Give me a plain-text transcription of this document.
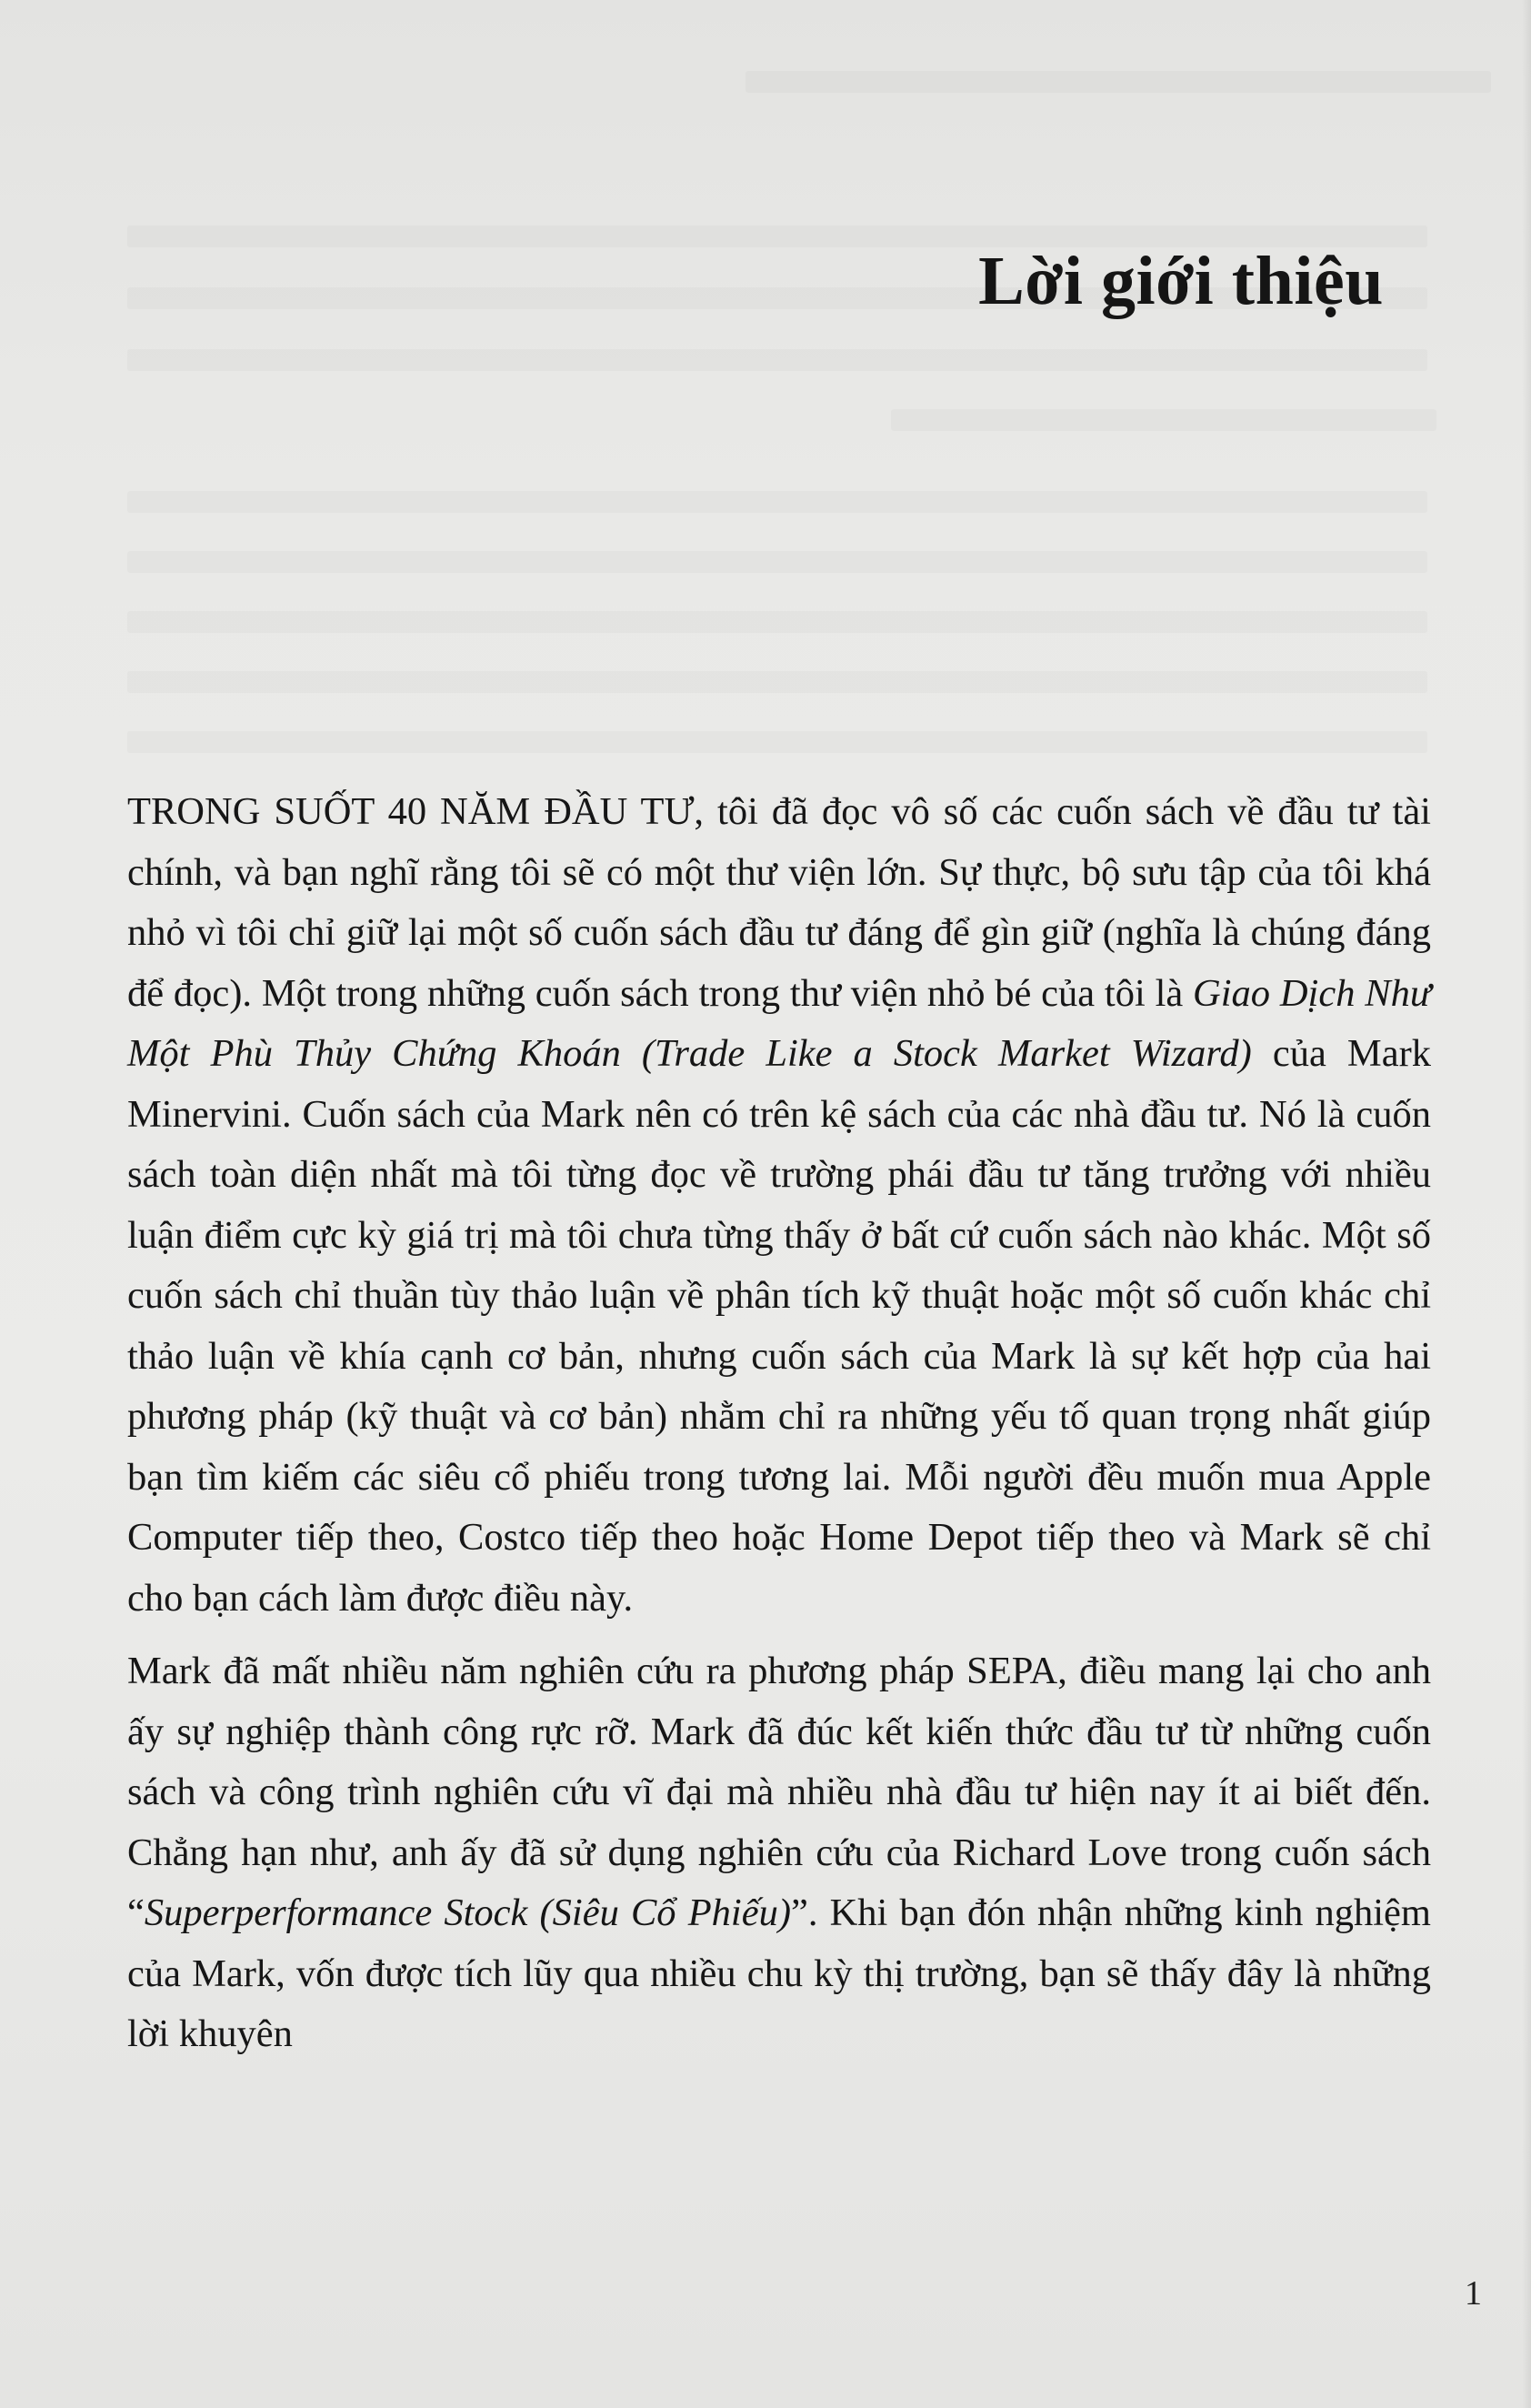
Lời giới thiệu

TRONG SUỐT 40 NĂM ĐẦU TƯ, tôi đã đọc vô số các cuốn sách về đầu tư tài chính, và bạn nghĩ rằng tôi sẽ có một thư viện lớn. Sự thực, bộ sưu tập của tôi khá nhỏ vì tôi chỉ giữ lại một số cuốn sách đầu tư đáng để gìn giữ (nghĩa là chúng đáng để đọc). Một trong những cuốn sách trong thư viện nhỏ bé của tôi là Giao Dịch Như Một Phù Thủy Chứng Khoán (Trade Like a Stock Market Wizard) của Mark Minervini. Cuốn sách của Mark nên có trên kệ sách của các nhà đầu tư. Nó là cuốn sách toàn diện nhất mà tôi từng đọc về trường phái đầu tư tăng trưởng với nhiều luận điểm cực kỳ giá trị mà tôi chưa từng thấy ở bất cứ cuốn sách nào khác. Một số cuốn sách chỉ thuần tùy thảo luận về phân tích kỹ thuật hoặc một số cuốn khác chỉ thảo luận về khía cạnh cơ bản, nhưng cuốn sách của Mark là sự kết hợp của hai phương pháp (kỹ thuật và cơ bản) nhằm chỉ ra những yếu tố quan trọng nhất giúp bạn tìm kiếm các siêu cổ phiếu trong tương lai. Mỗi người đều muốn mua Apple Computer tiếp theo, Costco tiếp theo hoặc Home Depot tiếp theo và Mark sẽ chỉ cho bạn cách làm được điều này.

Mark đã mất nhiều năm nghiên cứu ra phương pháp SEPA, điều mang lại cho anh ấy sự nghiệp thành công rực rỡ. Mark đã đúc kết kiến thức đầu tư từ những cuốn sách và công trình nghiên cứu vĩ đại mà nhiều nhà đầu tư hiện nay ít ai biết đến. Chẳng hạn như, anh ấy đã sử dụng nghiên cứu của Richard Love trong cuốn sách “Superperformance Stock (Siêu Cổ Phiếu)”. Khi bạn đón nhận những kinh nghiệm của Mark, vốn được tích lũy qua nhiều chu kỳ thị trường, bạn sẽ thấy đây là những lời khuyên

1
